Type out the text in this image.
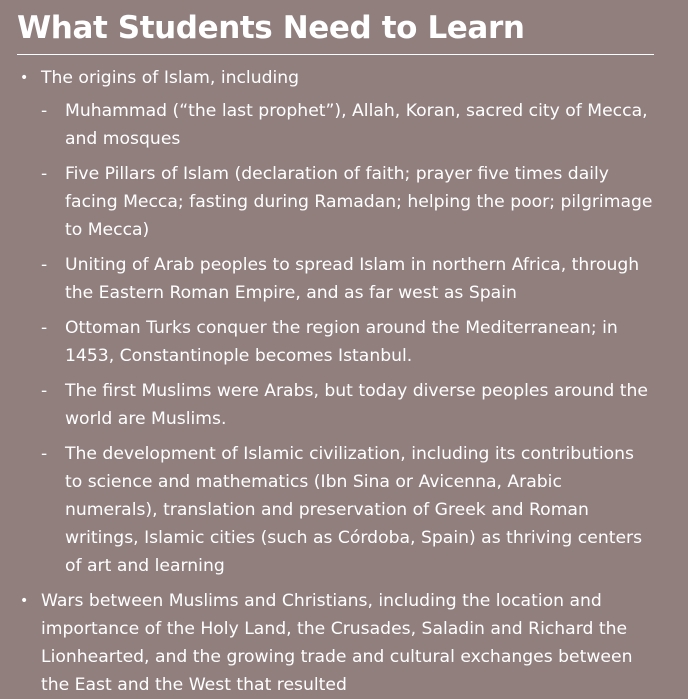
What Students Need to Learn
• The origins of Islam, including
- Muhammad (“the last prophet”), Allah, Koran, sacred city of Mecca, and mosques
- Five Pillars of Islam (declaration of faith; prayer five times daily facing Mecca; fasting during Ramadan; helping the poor; pilgrimage to Mecca)
- Uniting of Arab peoples to spread Islam in northern Africa, through the Eastern Roman Empire, and as far west as Spain
- Ottoman Turks conquer the region around the Mediterranean; in 1453, Constantinople becomes Istanbul.
- The first Muslims were Arabs, but today diverse peoples around the world are Muslims.
- The development of Islamic civilization, including its contributions to science and mathematics (Ibn Sina or Avicenna, Arabic numerals), translation and preservation of Greek and Roman writings, Islamic cities (such as Córdoba, Spain) as thriving centers of art and learning
• Wars between Muslims and Christians, including the location and importance of the Holy Land, the Crusades, Saladin and Richard the Lionhearted, and the growing trade and cultural exchanges between the East and the West that resulted
